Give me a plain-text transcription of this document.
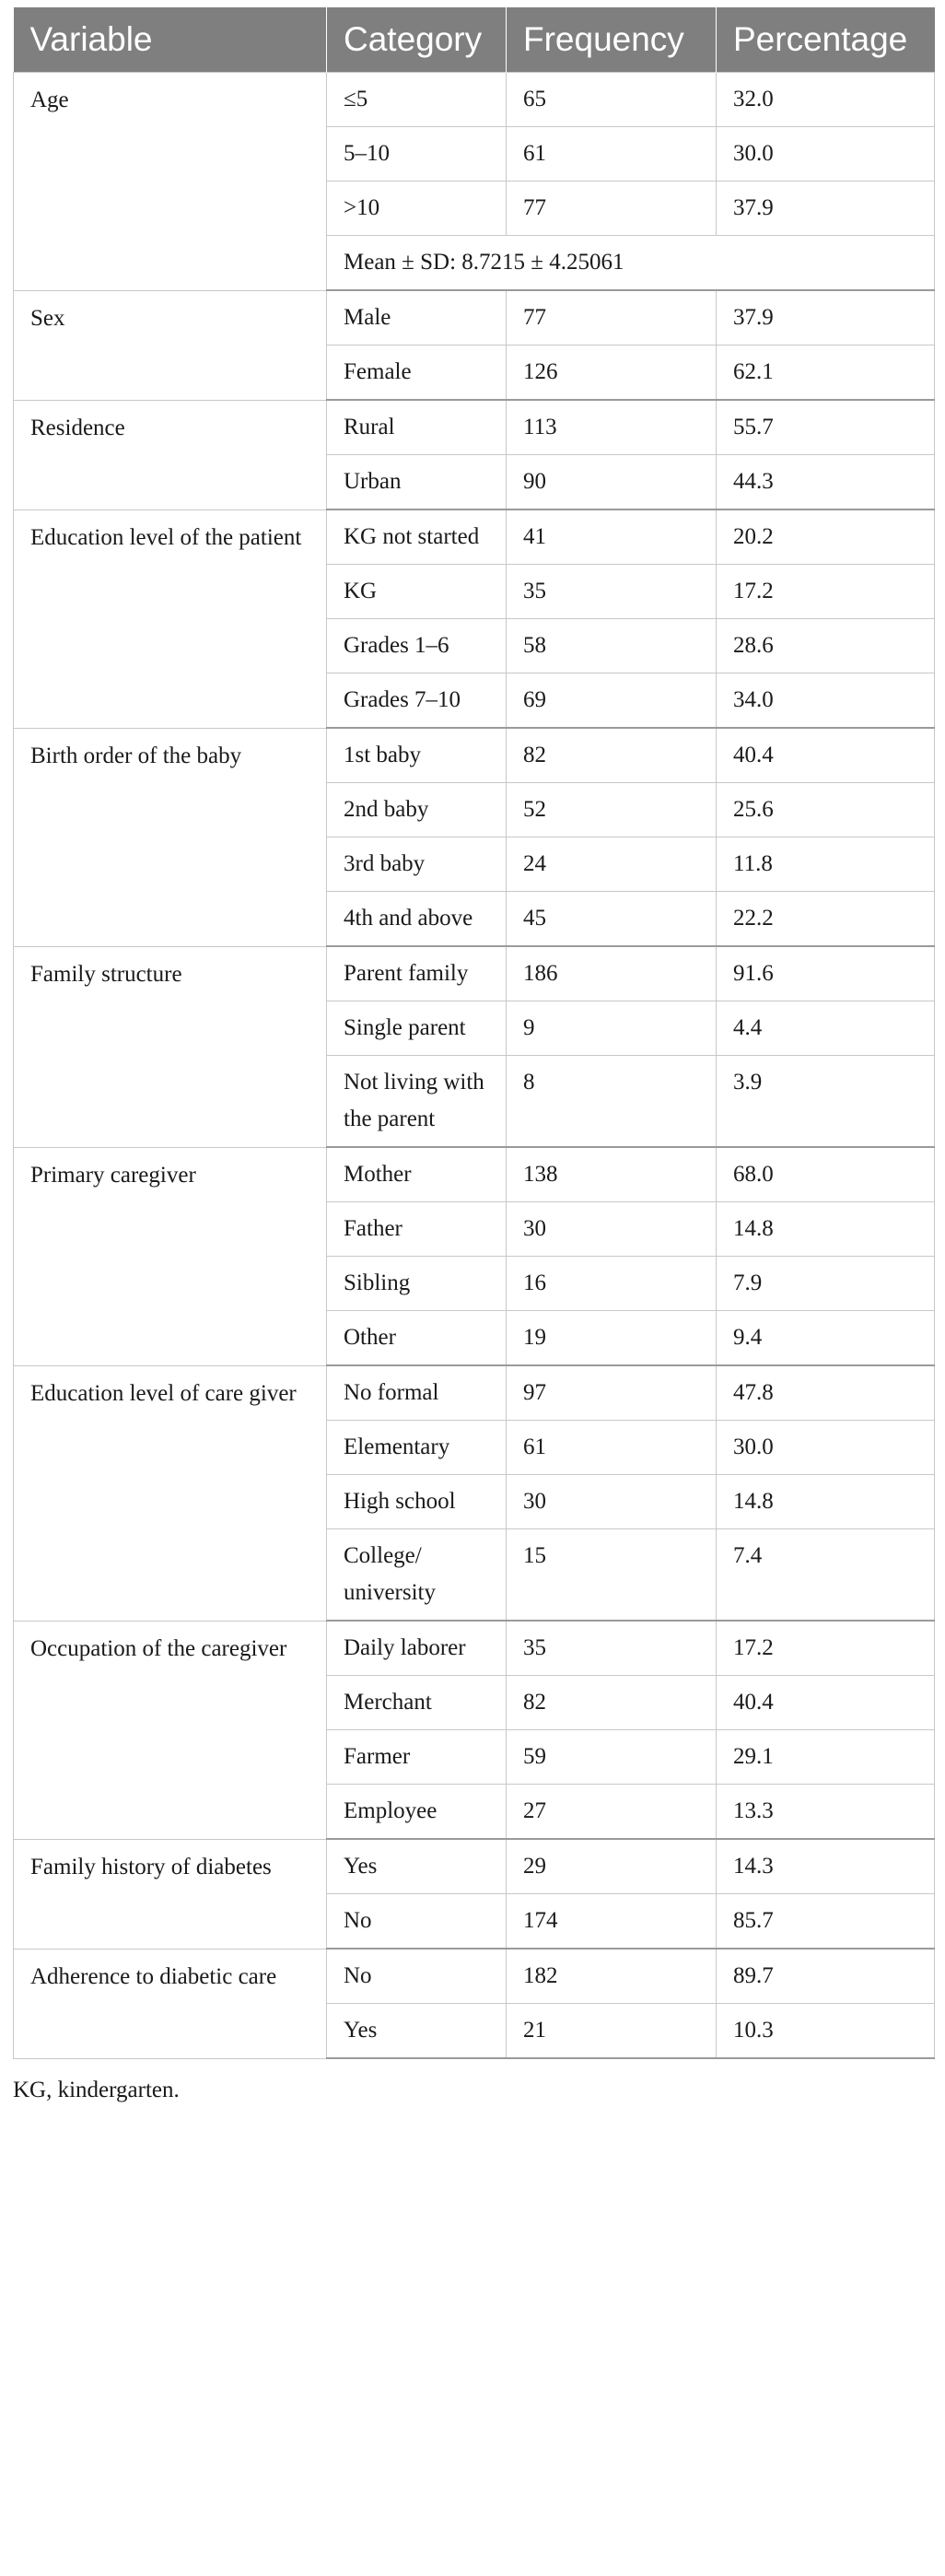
Variable	Category	Frequency	Percentage
Age	≤5	65	32.0
	5–10	61	30.0
	>10	77	37.9
	Mean ± SD: 8.7215 ± 4.25061		
Sex	Male	77	37.9
	Female	126	62.1
Residence	Rural	113	55.7
	Urban	90	44.3
Education level of the patient	KG not started	41	20.2
	KG	35	17.2
	Grades 1–6	58	28.6
	Grades 7–10	69	34.0
Birth order of the baby	1st baby	82	40.4
	2nd baby	52	25.6
	3rd baby	24	11.8
	4th and above	45	22.2
Family structure	Parent family	186	91.6
	Single parent	9	4.4
	Not living with the parent	8	3.9
Primary caregiver	Mother	138	68.0
	Father	30	14.8
	Sibling	16	7.9
	Other	19	9.4
Education level of care giver	No formal	97	47.8
	Elementary	61	30.0
	High school	30	14.8
	College/ university	15	7.4
Occupation of the caregiver	Daily laborer	35	17.2
	Merchant	82	40.4
	Farmer	59	29.1
	Employee	27	13.3
Family history of diabetes	Yes	29	14.3
	No	174	85.7
Adherence to diabetic care	No	182	89.7
	Yes	21	10.3
KG, kindergarten.
